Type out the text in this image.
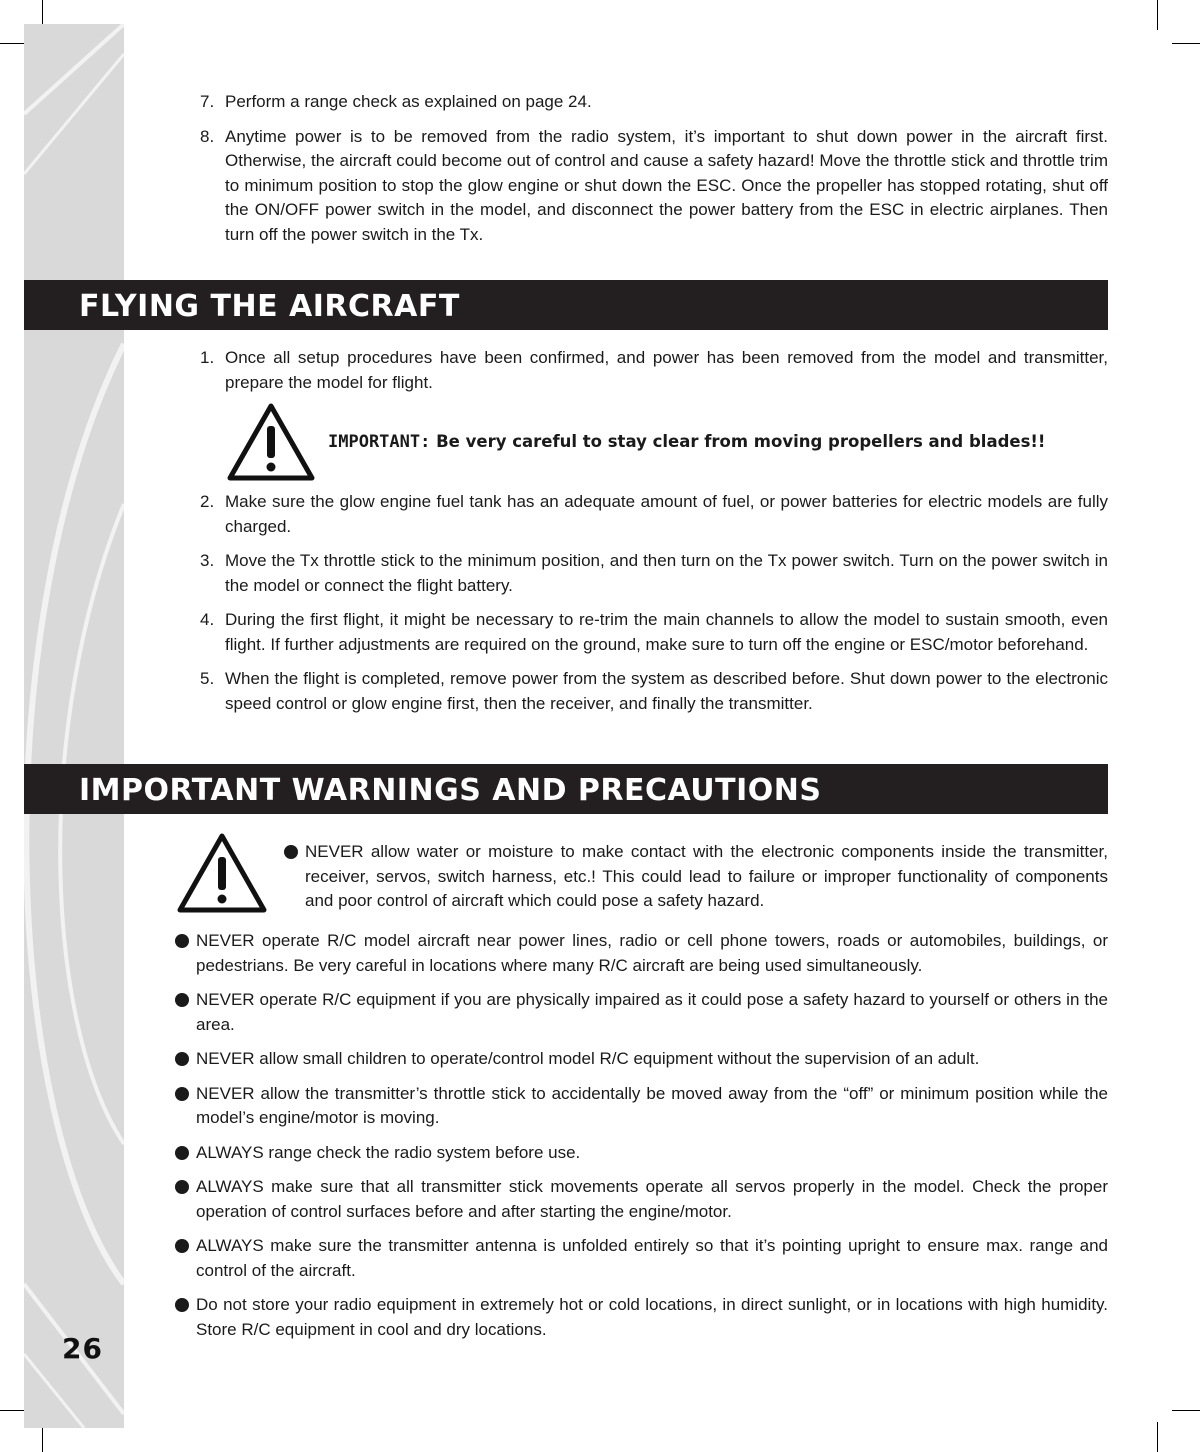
26
7. Perform a range check as explained on page 24.
8. Anytime power is to be removed from the radio system, it’s important to shut down power in the aircraft first. Otherwise, the aircraft could become out of control and cause a safety hazard! Move the throttle stick and throttle trim to minimum position to stop the glow engine or shut down the ESC. Once the propeller has stopped rotating, shut off the ON/OFF power switch in the model, and disconnect the power battery from the ESC in electric airplanes. Then turn off the power switch in the Tx.
FLYING THE AIRCRAFT
1. Once all setup procedures have been confirmed, and power has been removed from the model and transmitter, prepare the model for flight.
IMPORTANT: Be very careful to stay clear from moving propellers and blades!!
2. Make sure the glow engine fuel tank has an adequate amount of fuel, or power batteries for electric models are fully charged.
3. Move the Tx throttle stick to the minimum position, and then turn on the Tx power switch. Turn on the power switch in the model or connect the flight battery.
4. During the first flight, it might be necessary to re-trim the main channels to allow the model to sustain smooth, even flight. If further adjustments are required on the ground, make sure to turn off the engine or ESC/motor beforehand.
5. When the flight is completed, remove power from the system as described before. Shut down power to the electronic speed control or glow engine first, then the receiver, and finally the transmitter.
IMPORTANT WARNINGS AND PRECAUTIONS
NEVER allow water or moisture to make contact with the electronic components inside the transmitter, receiver, servos, switch harness, etc.! This could lead to failure or improper functionality of components and poor control of aircraft which could pose a safety hazard.
NEVER operate R/C model aircraft near power lines, radio or cell phone towers, roads or automobiles, buildings, or pedestrians. Be very careful in locations where many R/C aircraft are being used simultaneously.
NEVER operate R/C equipment if you are physically impaired as it could pose a safety hazard to yourself or others in the area.
NEVER allow small children to operate/control model R/C equipment without the supervision of an adult.
NEVER allow the transmitter’s throttle stick to accidentally be moved away from the “off” or minimum position while the model’s engine/motor is moving.
ALWAYS range check the radio system before use.
ALWAYS make sure that all transmitter stick movements operate all servos properly in the model. Check the proper operation of control surfaces before and after starting the engine/motor.
ALWAYS make sure the transmitter antenna is unfolded entirely so that it’s pointing upright to ensure max. range and control of the aircraft.
Do not store your radio equipment in extremely hot or cold locations, in direct sunlight, or in locations with high humidity. Store R/C equipment in cool and dry locations.
